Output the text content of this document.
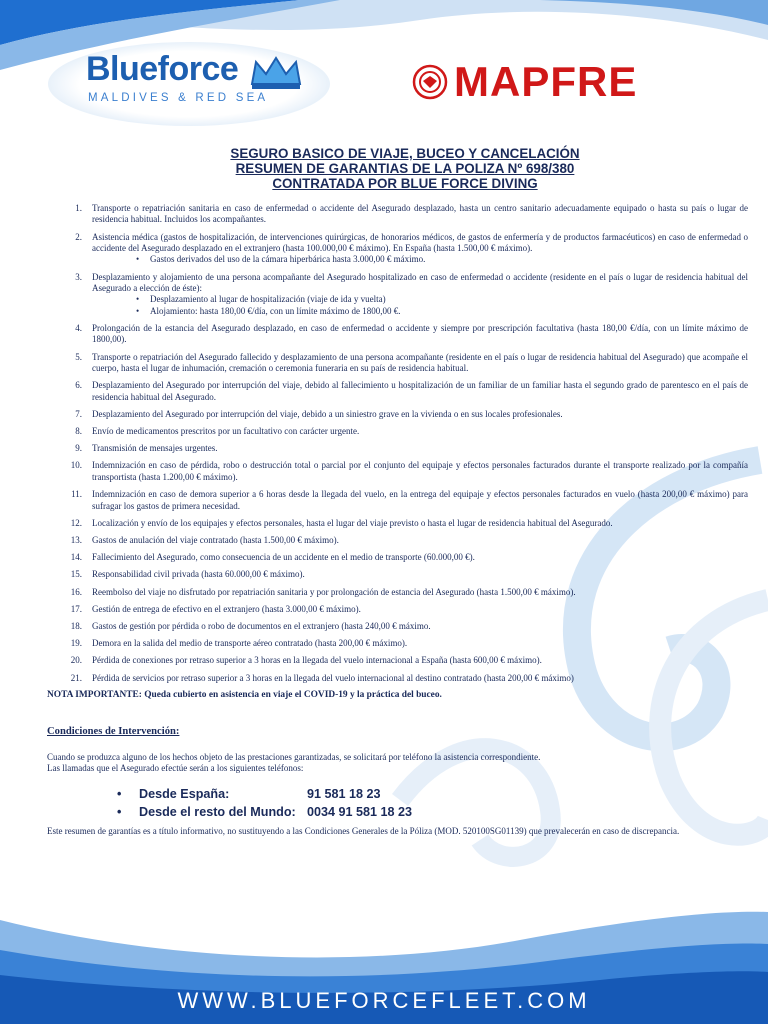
Blueforce
MALDIVES & RED SEA	MAPFRE
SEGURO BASICO DE VIAJE, BUCEO Y CANCELACIÓN
RESUMEN DE GARANTIAS DE LA POLIZA Nº 698/380
CONTRATADA POR BLUE FORCE DIVING
1. Transporte o repatriación sanitaria en caso de enfermedad o accidente del Asegurado desplazado, hasta un centro sanitario adecuadamente equipado o hasta su país o lugar de residencia habitual. Incluidos los acompañantes.
2. Asistencia médica (gastos de hospitalización, de intervenciones quirúrgicas, de honorarios médicos, de gastos de enfermería y de productos farmacéuticos) en caso de enfermedad o accidente del Asegurado desplazado en el extranjero (hasta 100.000,00 € máximo). En España (hasta 1.500,00 € máximo).
• Gastos derivados del uso de la cámara hiperbárica hasta 3.000,00 € máximo.
3. Desplazamiento y alojamiento de una persona acompañante del Asegurado hospitalizado en caso de enfermedad o accidente (residente en el país o lugar de residencia habitual del Asegurado a elección de éste):
• Desplazamiento al lugar de hospitalización (viaje de ida y vuelta)
• Alojamiento: hasta 180,00 €/día, con un límite máximo de 1800,00 €.
4. Prolongación de la estancia del Asegurado desplazado, en caso de enfermedad o accidente y siempre por prescripción facultativa (hasta 180,00 €/día, con un límite máximo de 1800,00).
5. Transporte o repatriación del Asegurado fallecido y desplazamiento de una persona acompañante (residente en el país o lugar de residencia habitual del Asegurado) que acompañe el cuerpo, hasta el lugar de inhumación, cremación o ceremonia funeraria en su país de residencia habitual.
6. Desplazamiento del Asegurado por interrupción del viaje, debido al fallecimiento u hospitalización de un familiar de un familiar hasta el segundo grado de parentesco en el país de residencia habitual del Asegurado.
7. Desplazamiento del Asegurado por interrupción del viaje, debido a un siniestro grave en la vivienda o en sus locales profesionales.
8. Envío de medicamentos prescritos por un facultativo con carácter urgente.
9. Transmisión de mensajes urgentes.
10. Indemnización en caso de pérdida, robo o destrucción total o parcial por el conjunto del equipaje y efectos personales facturados durante el transporte realizado por la compañía transportista (hasta 1.200,00 € máximo).
11. Indemnización en caso de demora superior a 6 horas desde la llegada del vuelo, en la entrega del equipaje y efectos personales facturados en vuelo (hasta 200,00 € máximo) para sufragar los gastos de primera necesidad.
12. Localización y envío de los equipajes y efectos personales, hasta el lugar del viaje previsto o hasta el lugar de residencia habitual del Asegurado.
13. Gastos de anulación del viaje contratado (hasta 1.500,00 € máximo).
14. Fallecimiento del Asegurado, como consecuencia de un accidente en el medio de transporte (60.000,00 €).
15. Responsabilidad civil privada (hasta 60.000,00 € máximo).
16. Reembolso del viaje no disfrutado por repatriación sanitaria y por prolongación de estancia del Asegurado (hasta 1.500,00 € máximo).
17. Gestión de entrega de efectivo en el extranjero (hasta 3.000,00 € máximo).
18. Gastos de gestión por pérdida o robo de documentos en el extranjero (hasta 240,00 € máximo.
19. Demora en la salida del medio de transporte aéreo contratado (hasta 200,00 € máximo).
20. Pérdida de conexiones por retraso superior a 3 horas en la llegada del vuelo internacional a España (hasta 600,00 € máximo).
21. Pérdida de servicios por retraso superior a 3 horas en la llegada del vuelo internacional al destino contratado (hasta 200,00 € máximo)
NOTA IMPORTANTE: Queda cubierto en asistencia en viaje el COVID-19 y la práctica del buceo.
Condiciones de Intervención:
Cuando se produzca alguno de los hechos objeto de las prestaciones garantizadas, se solicitará por teléfono la asistencia correspondiente.
Las llamadas que el Asegurado efectúe serán a los siguientes teléfonos:
• Desde España:	91 581 18 23
• Desde el resto del Mundo: 0034 91 581 18 23
Este resumen de garantías es a título informativo, no sustituyendo a las Condiciones Generales de la Póliza (MOD. 520100SG01139) que prevalecerán en caso de discrepancia.
WWW.BLUEFORCEFLEET.COM
